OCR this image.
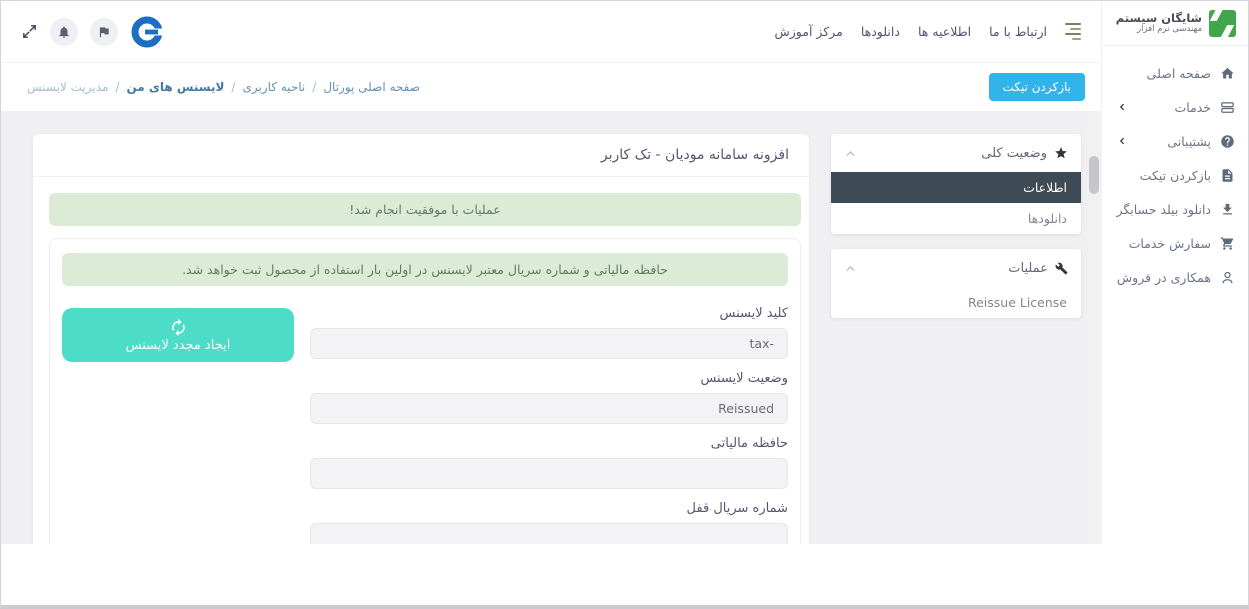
ارتباط با ما
اطلاعیه ها
دانلودها
مرکز آموزش
صفحه اصلی پورتال
/
ناحیه کاربری
/
لایسنس های من
/
مدیریت لایسنس	بازکردن تیکت
افزونه سامانه مودیان - تک کاربر
عملیات با موفقیت انجام شد!
حافظه مالیاتی و شماره سریال معتبر لایسنس در اولین بار استفاده از محصول ثبت خواهد شد.
ایجاد مجدد لایسنس
کلید لایسنس
tax-
وضعیت لایسنس
Reissued
حافظه مالیاتی
شماره سریال قفل
وضعیت کلی
اطلاعات
دانلودها
عملیات
Reissue License
شایگان سیستم
مهندسی نرم افزار
صفحه اصلی
خدمات
پشتیبانی
بازکردن تیکت
دانلود بیلد حسابگر
سفارش خدمات
همکاری در فروش
